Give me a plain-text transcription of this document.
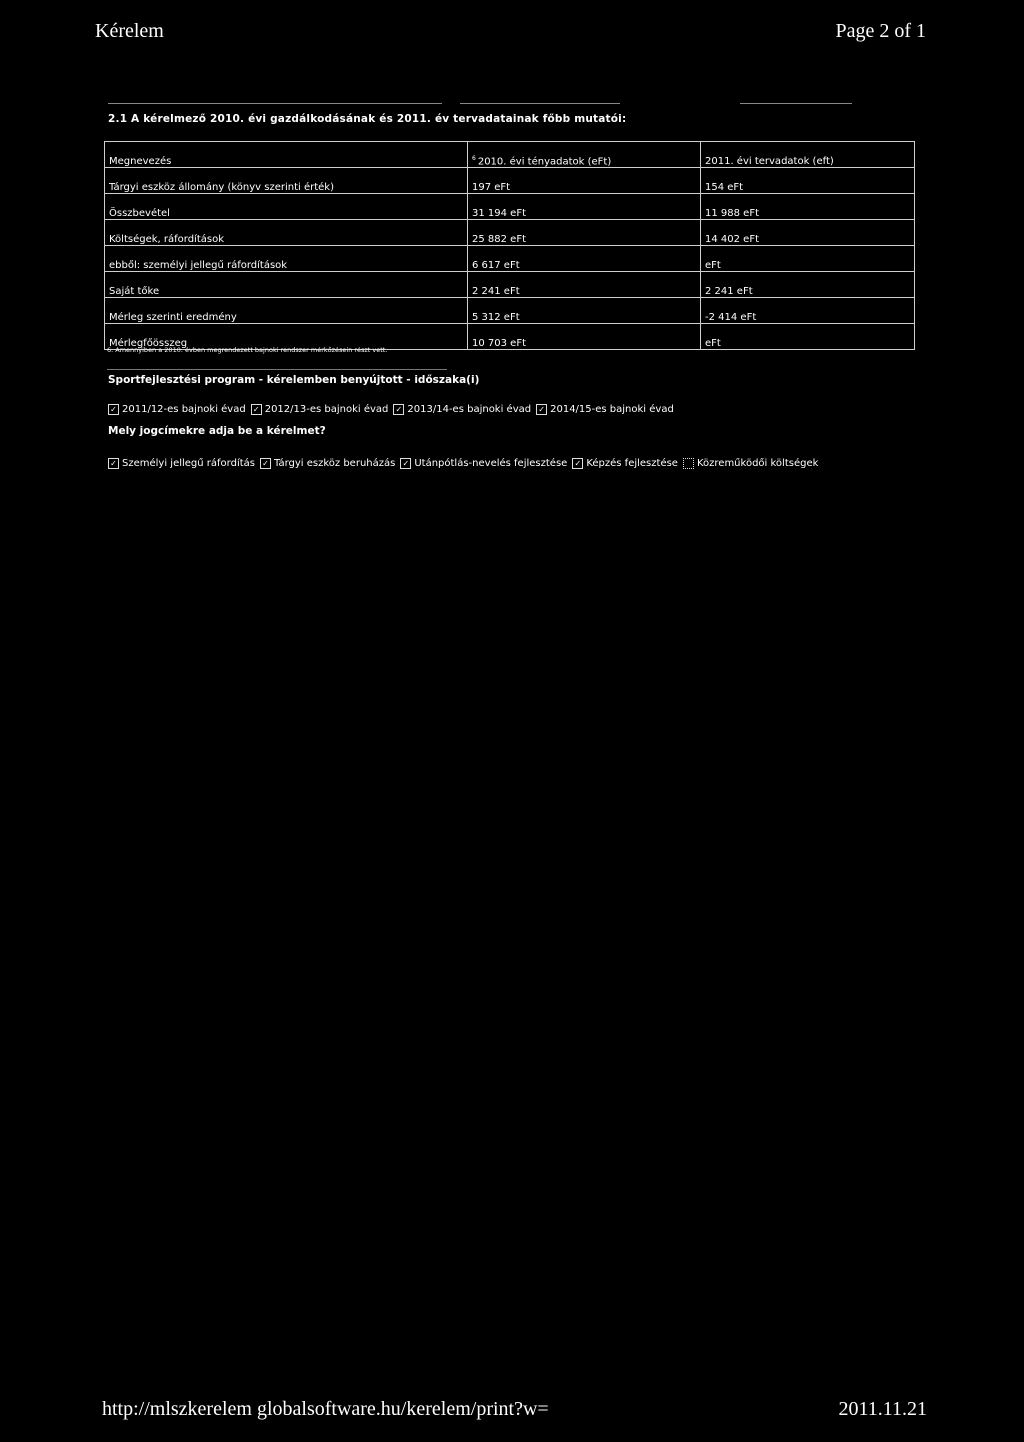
Kérelem	Page 2 of 1
2.1 A kérelmező 2010. évi gazdálkodásának és 2011. év tervadatainak főbb mutatói:
Megnevezés	$^6$ 2010. évi tényadatok (eFt)	2011. évi tervadatok (eft)
Tárgyi eszköz állomány (könyv szerinti érték)	197 eFt	154 eFt
Összbevétel	31 194 eFt	11 988 eFt
Költségek, ráfordítások	25 882 eFt	14 402 eFt
ebből: személyi jellegű ráfordítások	6 617 eFt	eFt
Saját tőke	2 241 eFt	2 241 eFt
Mérleg szerinti eredmény	5 312 eFt	-2 414 eFt
Mérlegfőösszeg	10 703 eFt	eFt
6. Amennyiben a 2010. évben megrendezett bajnoki rendszer mérkőzésein részt vett.
Sportfejlesztési program - kérelemben benyújtott - időszaka(i)
✓ 2011/12-es bajnoki évad ✓ 2012/13-es bajnoki évad ✓ 2013/14-es bajnoki évad ✓ 2014/15-es bajnoki évad
Mely jogcímekre adja be a kérelmet?
✓ Személyi jellegű ráfordítás ✓ Tárgyi eszköz beruházás ✓ Utánpótlás-nevelés fejlesztése ✓ Képzés fejlesztése Közreműködői költségek
http://mlszkerelem globalsoftware.hu/kerelem/print?w=	2011.11.21
